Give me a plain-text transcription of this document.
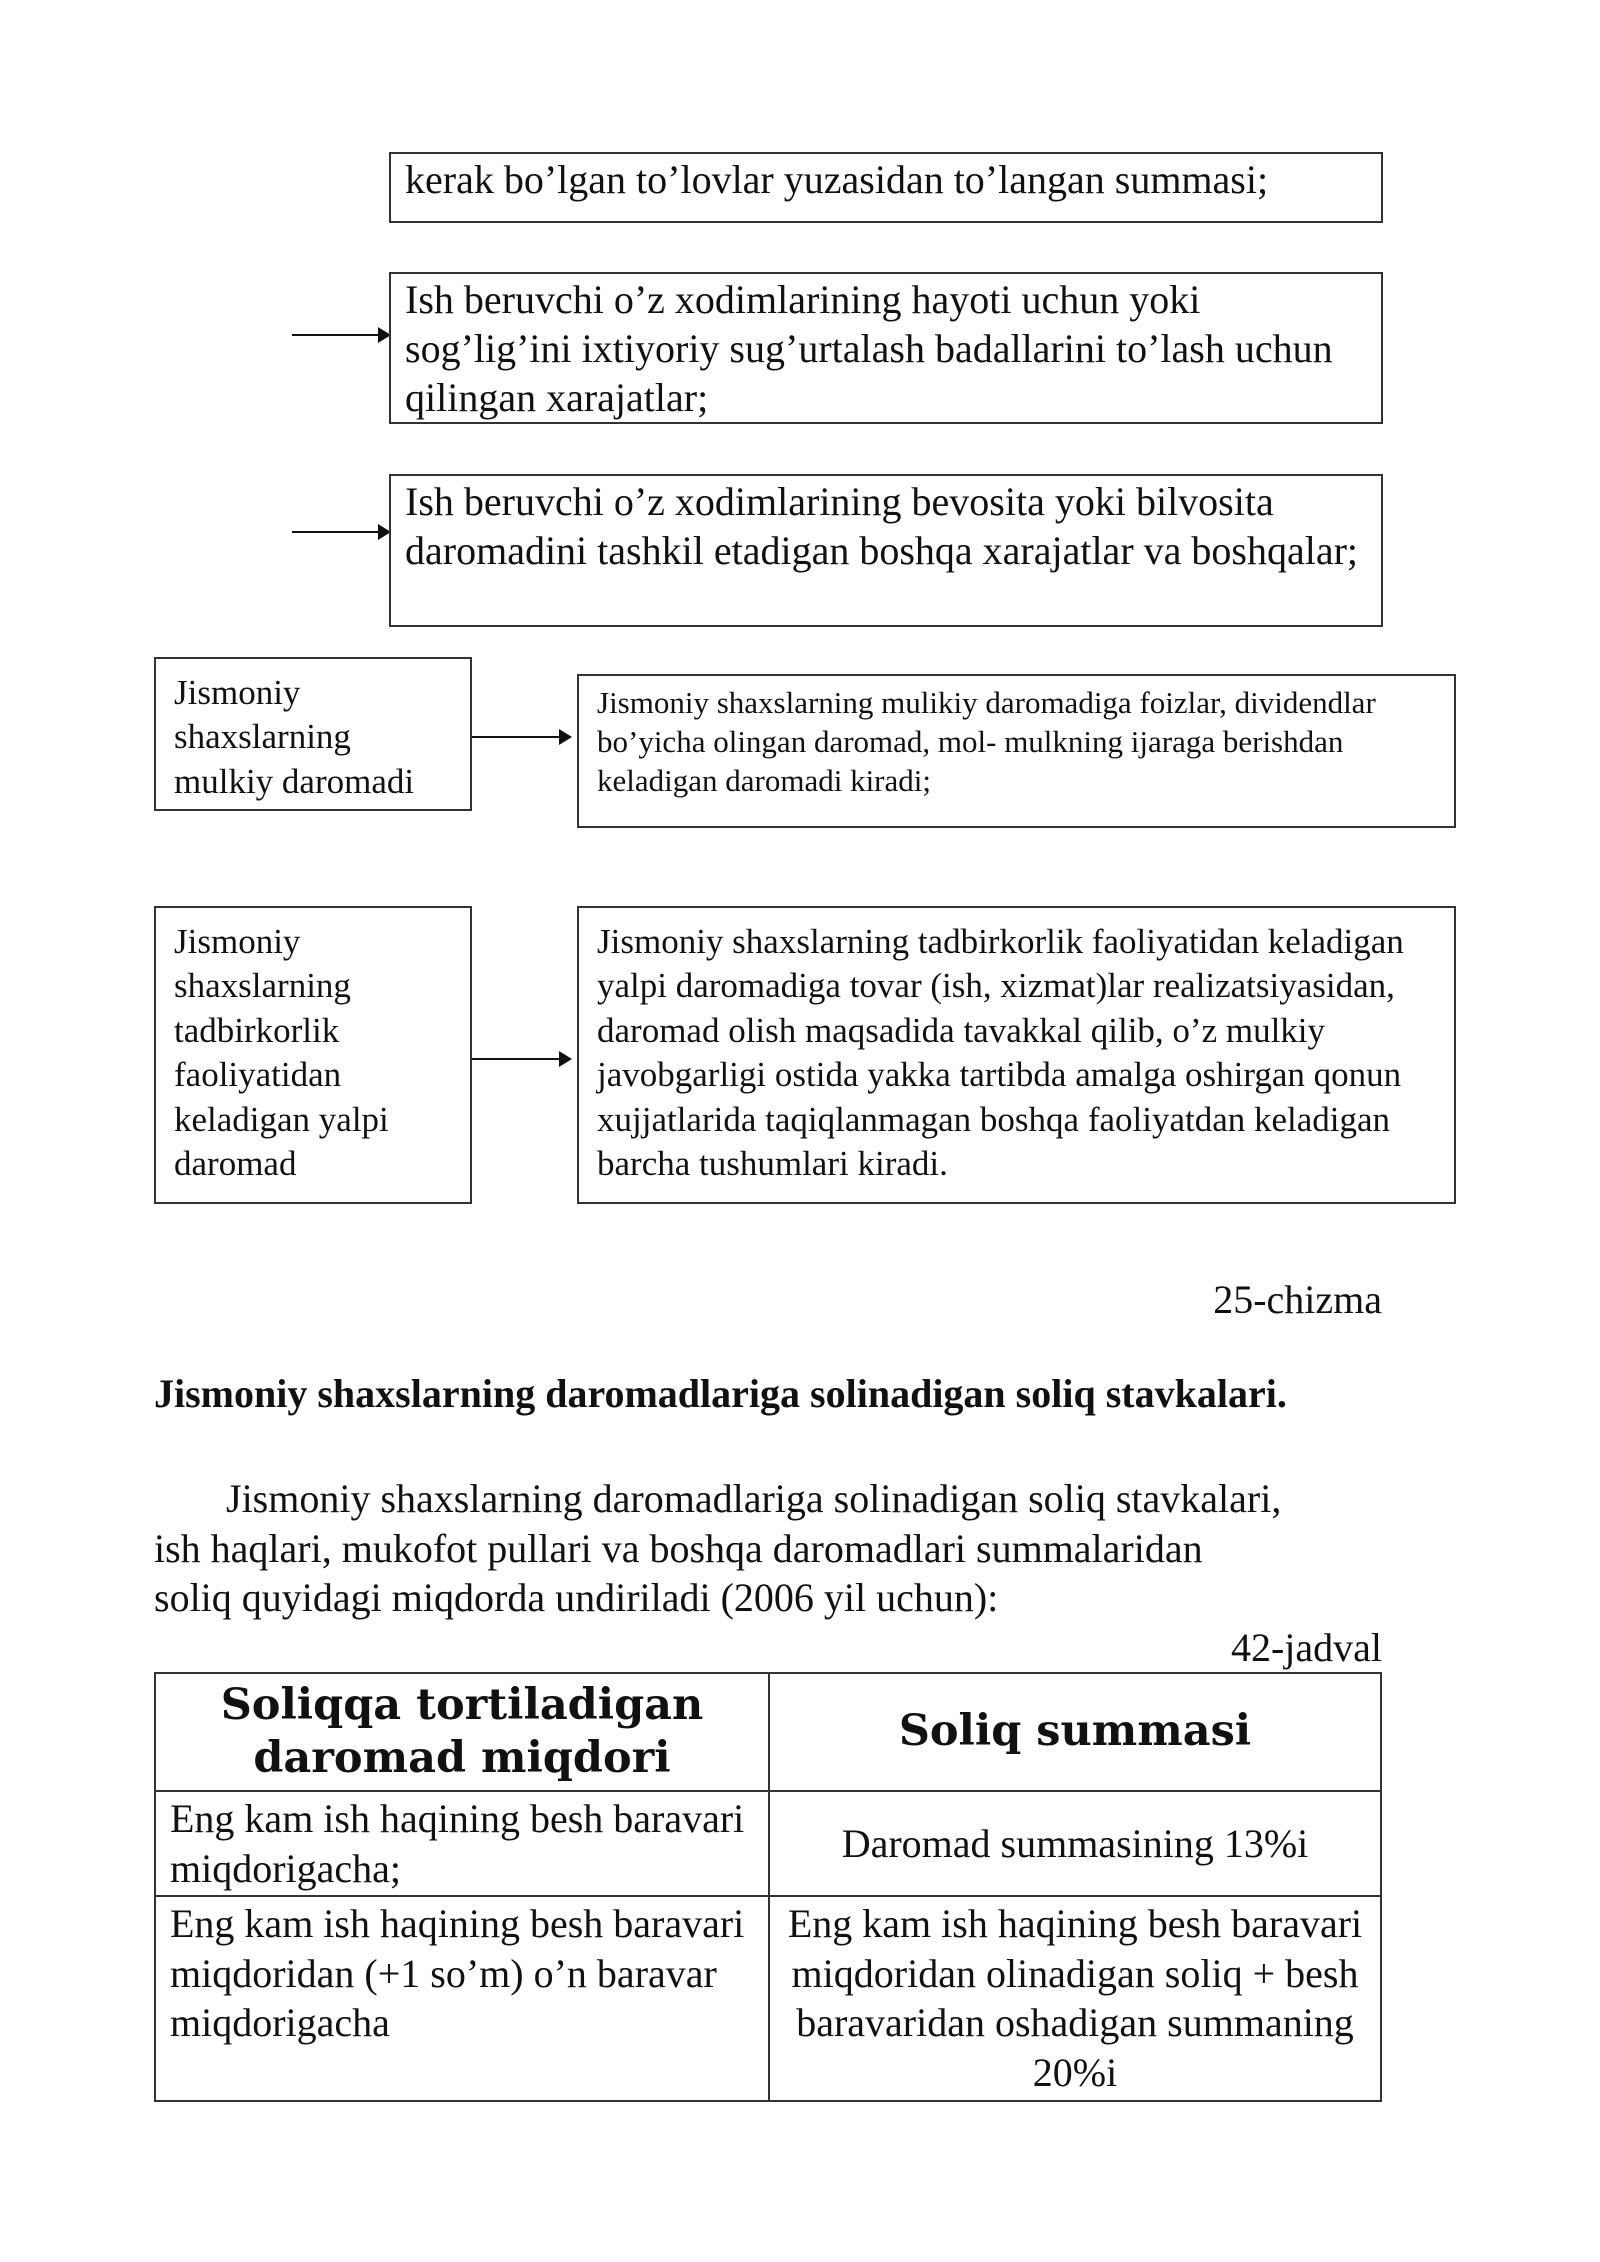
kerak bo’lgan to’lovlar yuzasidan to’langan summasi;
Ish beruvchi o’z xodimlarining hayoti uchun yoki sog’lig’ini ixtiyoriy sug’urtalash badallarini to’lash uchun qilingan xarajatlar;
Ish beruvchi o’z xodimlarining bevosita yoki bilvosita daromadini tashkil etadigan boshqa xarajatlar va boshqalar;
Jismoniy shaxslarning mulkiy daromadi
Jismoniy shaxslarning mulikiy daromadiga foizlar, dividendlar bo’yicha olingan daromad, mol- mulkning ijaraga berishdan keladigan daromadi kiradi;
Jismoniy shaxslarning tadbirkorlik faoliyatidan keladigan yalpi daromad
Jismoniy shaxslarning tadbirkorlik faoliyatidan keladigan yalpi daromadiga tovar (ish, xizmat)lar realizatsiyasidan, daromad olish maqsadida tavakkal qilib, o’z mulkiy javobgarligi ostida yakka tartibda amalga oshirgan qonun xujjatlarida taqiqlanmagan boshqa faoliyatdan keladigan barcha tushumlari kiradi.
25-chizma
Jismoniy shaxslarning daromadlariga solinadigan soliq stavkalari.
Jismoniy shaxslarning daromadlariga solinadigan soliq stavkalari,
ish haqlari, mukofot pullari va boshqa daromadlari summalaridan
soliq quyidagi miqdorda undiriladi (2006 yil uchun):
42-jadval
Soliqqa tortiladigan daromad miqdori	Soliq summasi
Eng kam ish haqining besh baravari miqdorigacha;	Daromad summasining 13%i
Eng kam ish haqining besh baravari miqdoridan (+1 so’m) o’n baravar miqdorigacha	Eng kam ish haqining besh baravari miqdoridan olinadigan soliq + besh baravaridan oshadigan summaning 20%i
